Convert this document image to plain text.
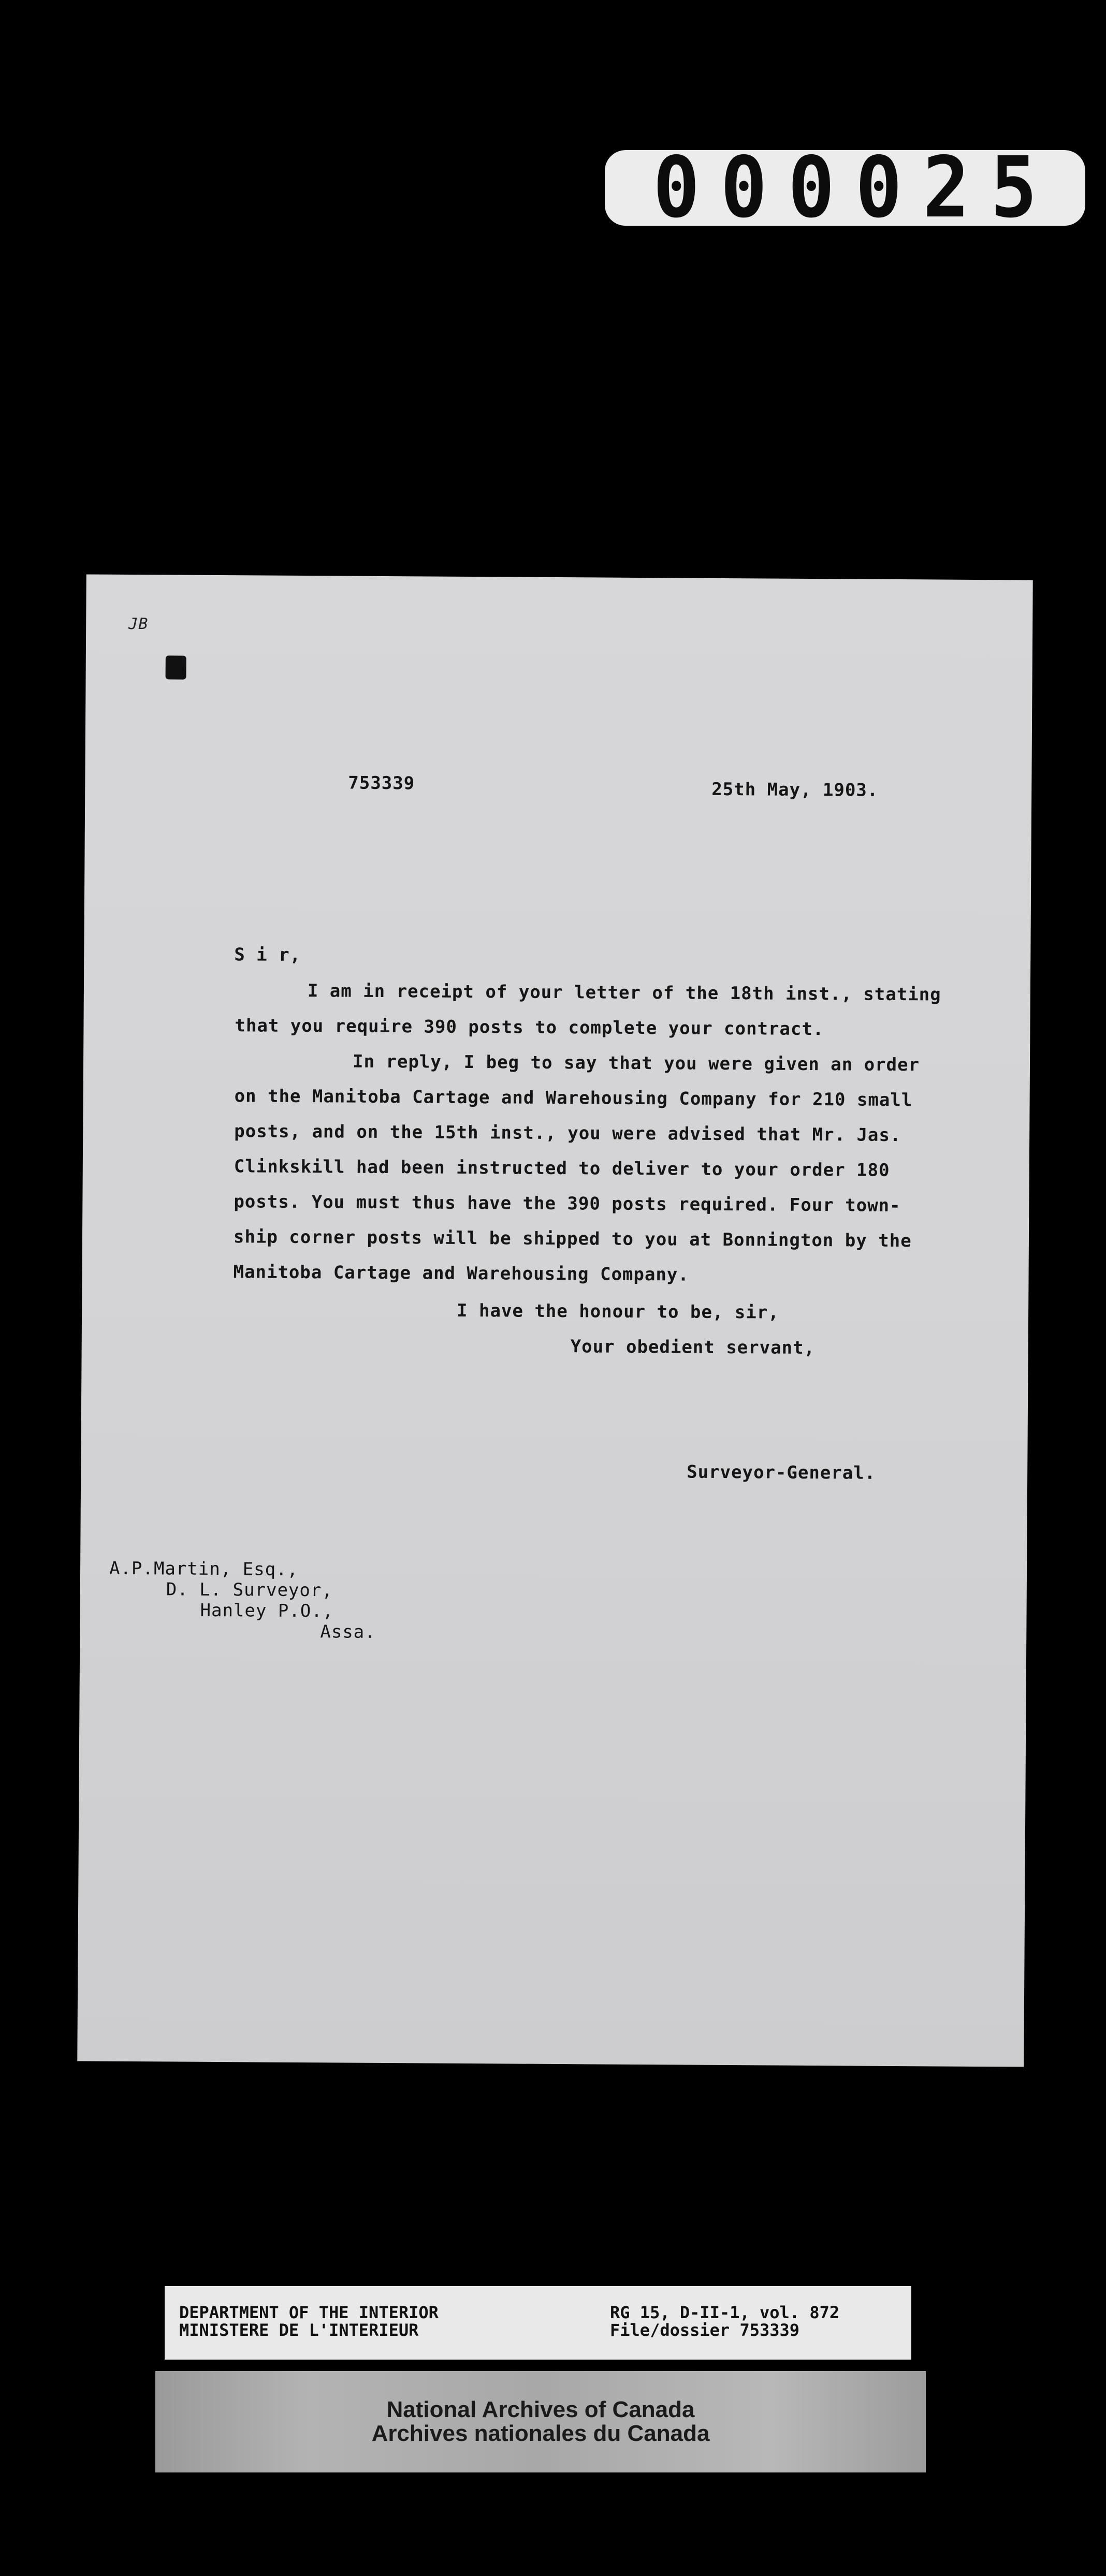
000025
JB
753339	25th May, 1903.
S i r,
I am in receipt of your letter of the 18th inst., stating
that you require 390 posts to complete your contract.
In reply, I beg to say that you were given an order
on the Manitoba Cartage and Warehousing Company for 210 small
posts, and on the 15th inst., you were advised that Mr. Jas.
Clinkskill had been instructed to deliver to your order 180
posts. You must thus have the 390 posts required. Four town-
ship corner posts will be shipped to you at Bonnington by the
Manitoba Cartage and Warehousing Company.
I have the honour to be, sir,
Your obedient servant,
Surveyor-General.
A.P.Martin, Esq.,
D. L. Surveyor,
Hanley P.O.,
Assa.
DEPARTMENT OF THE INTERIOR
MINISTERE DE L'INTERIEUR
RG 15, D-II-1, vol. 872
File/dossier 753339
National Archives of Canada
Archives nationales du Canada
